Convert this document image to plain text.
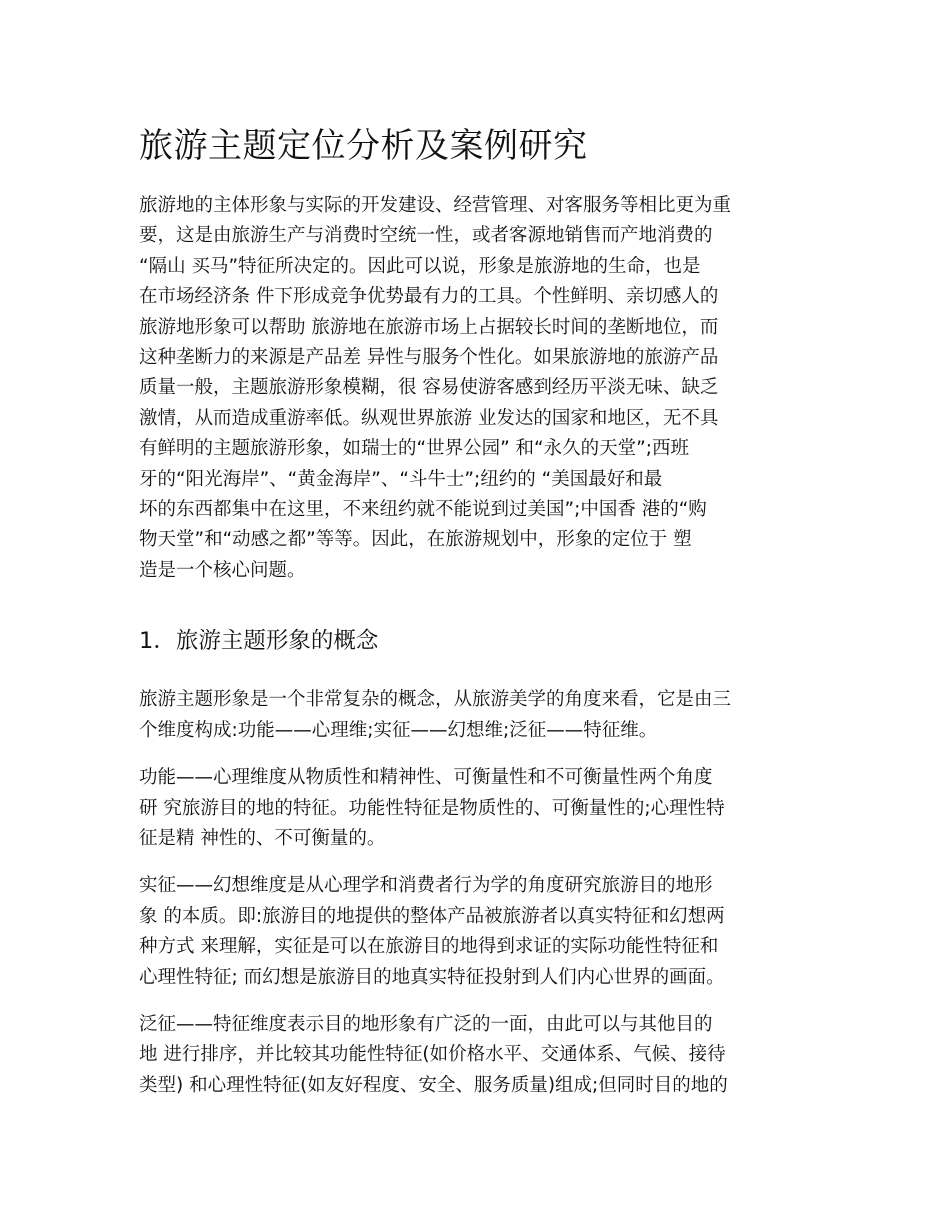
旅游主题定位分析及案例研究

旅游地的主体形象与实际的开发建设、经营管理、对客服务等相比更为重
要，这是由旅游生产与消费时空统一性，或者客源地销售而产地消费的
“隔山 买马”特征所决定的。因此可以说，形象是旅游地的生命，也是
在市场经济条 件下形成竞争优势最有力的工具。个性鲜明、亲切感人的
旅游地形象可以帮助 旅游地在旅游市场上占据较长时间的垄断地位，而
这种垄断力的来源是产品差 异性与服务个性化。如果旅游地的旅游产品
质量一般，主题旅游形象模糊，很 容易使游客感到经历平淡无味、缺乏
激情，从而造成重游率低。纵观世界旅游 业发达的国家和地区，无不具
有鲜明的主题旅游形象，如瑞士的“世界公园” 和“永久的天堂”;西班
牙的“阳光海岸”、“黄金海岸”、“斗牛士”;纽约的 “美国最好和最
坏的东西都集中在这里，不来纽约就不能说到过美国”;中国香 港的“购
物天堂”和“动感之都”等等。因此，在旅游规划中，形象的定位于 塑
造是一个核心问题。

1．旅游主题形象的概念

旅游主题形象是一个非常复杂的概念，从旅游美学的角度来看，它是由三
个维度构成:功能——心理维;实征——幻想维;泛征——特征维。

功能——心理维度从物质性和精神性、可衡量性和不可衡量性两个角度
研 究旅游目的地的特征。功能性特征是物质性的、可衡量性的;心理性特
征是精 神性的、不可衡量的。

实征——幻想维度是从心理学和消费者行为学的角度研究旅游目的地形
象 的本质。即:旅游目的地提供的整体产品被旅游者以真实特征和幻想两
种方式 来理解，实征是可以在旅游目的地得到求证的实际功能性特征和
心理性特征; 而幻想是旅游目的地真实特征投射到人们内心世界的画面。

泛征——特征维度表示目的地形象有广泛的一面，由此可以与其他目的
地 进行排序，并比较其功能性特征(如价格水平、交通体系、气候、接待
类型) 和心理性特征(如友好程度、安全、服务质量)组成;但同时目的地的
